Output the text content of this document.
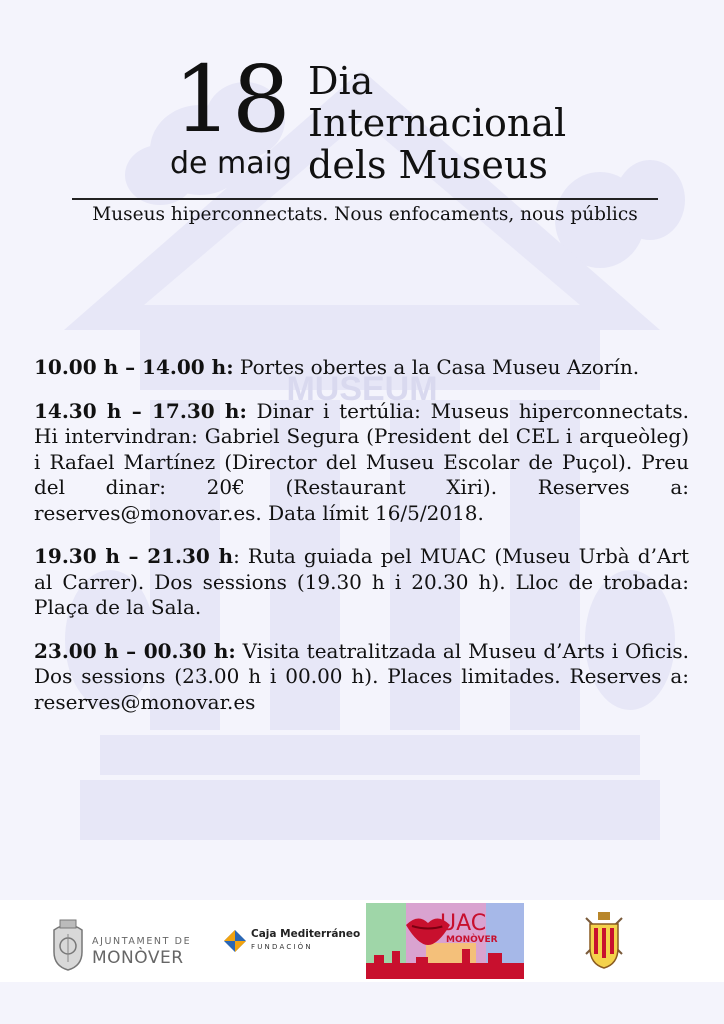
MUSEUM
18
de maig
Dia
Internacional
dels Museus
Museus hiperconnectats. Nous enfocaments, nous públics

10.00 h – 14.00 h: Portes obertes a la Casa Museu Azorín.

14.30 h – 17.30 h: Dinar i tertúlia: Museus hiperconnectats. Hi intervindran: Gabriel Segura (President del CEL i arqueòleg) i Rafael Martínez (Director del Museu Escolar de Puçol). Preu del dinar: 20€ (Restaurant Xiri). Reserves a: reserves@monovar.es. Data límit 16/5/2018.

19.30 h – 21.30 h: Ruta guiada pel MUAC (Museu Urbà d’Art al Carrer). Dos sessions (19.30 h i 20.30 h). Lloc de trobada: Plaça de la Sala.

23.00 h – 00.30 h: Visita teatralitzada al Museu d’Arts i Oficis. Dos sessions (23.00 h i 00.00 h). Places limitades. Reserves a: reserves@monovar.es

AJUNTAMENT DE
MONÒVER
Caja Mediterráneo
FUNDACIÓN
UAC
MONÒVER
